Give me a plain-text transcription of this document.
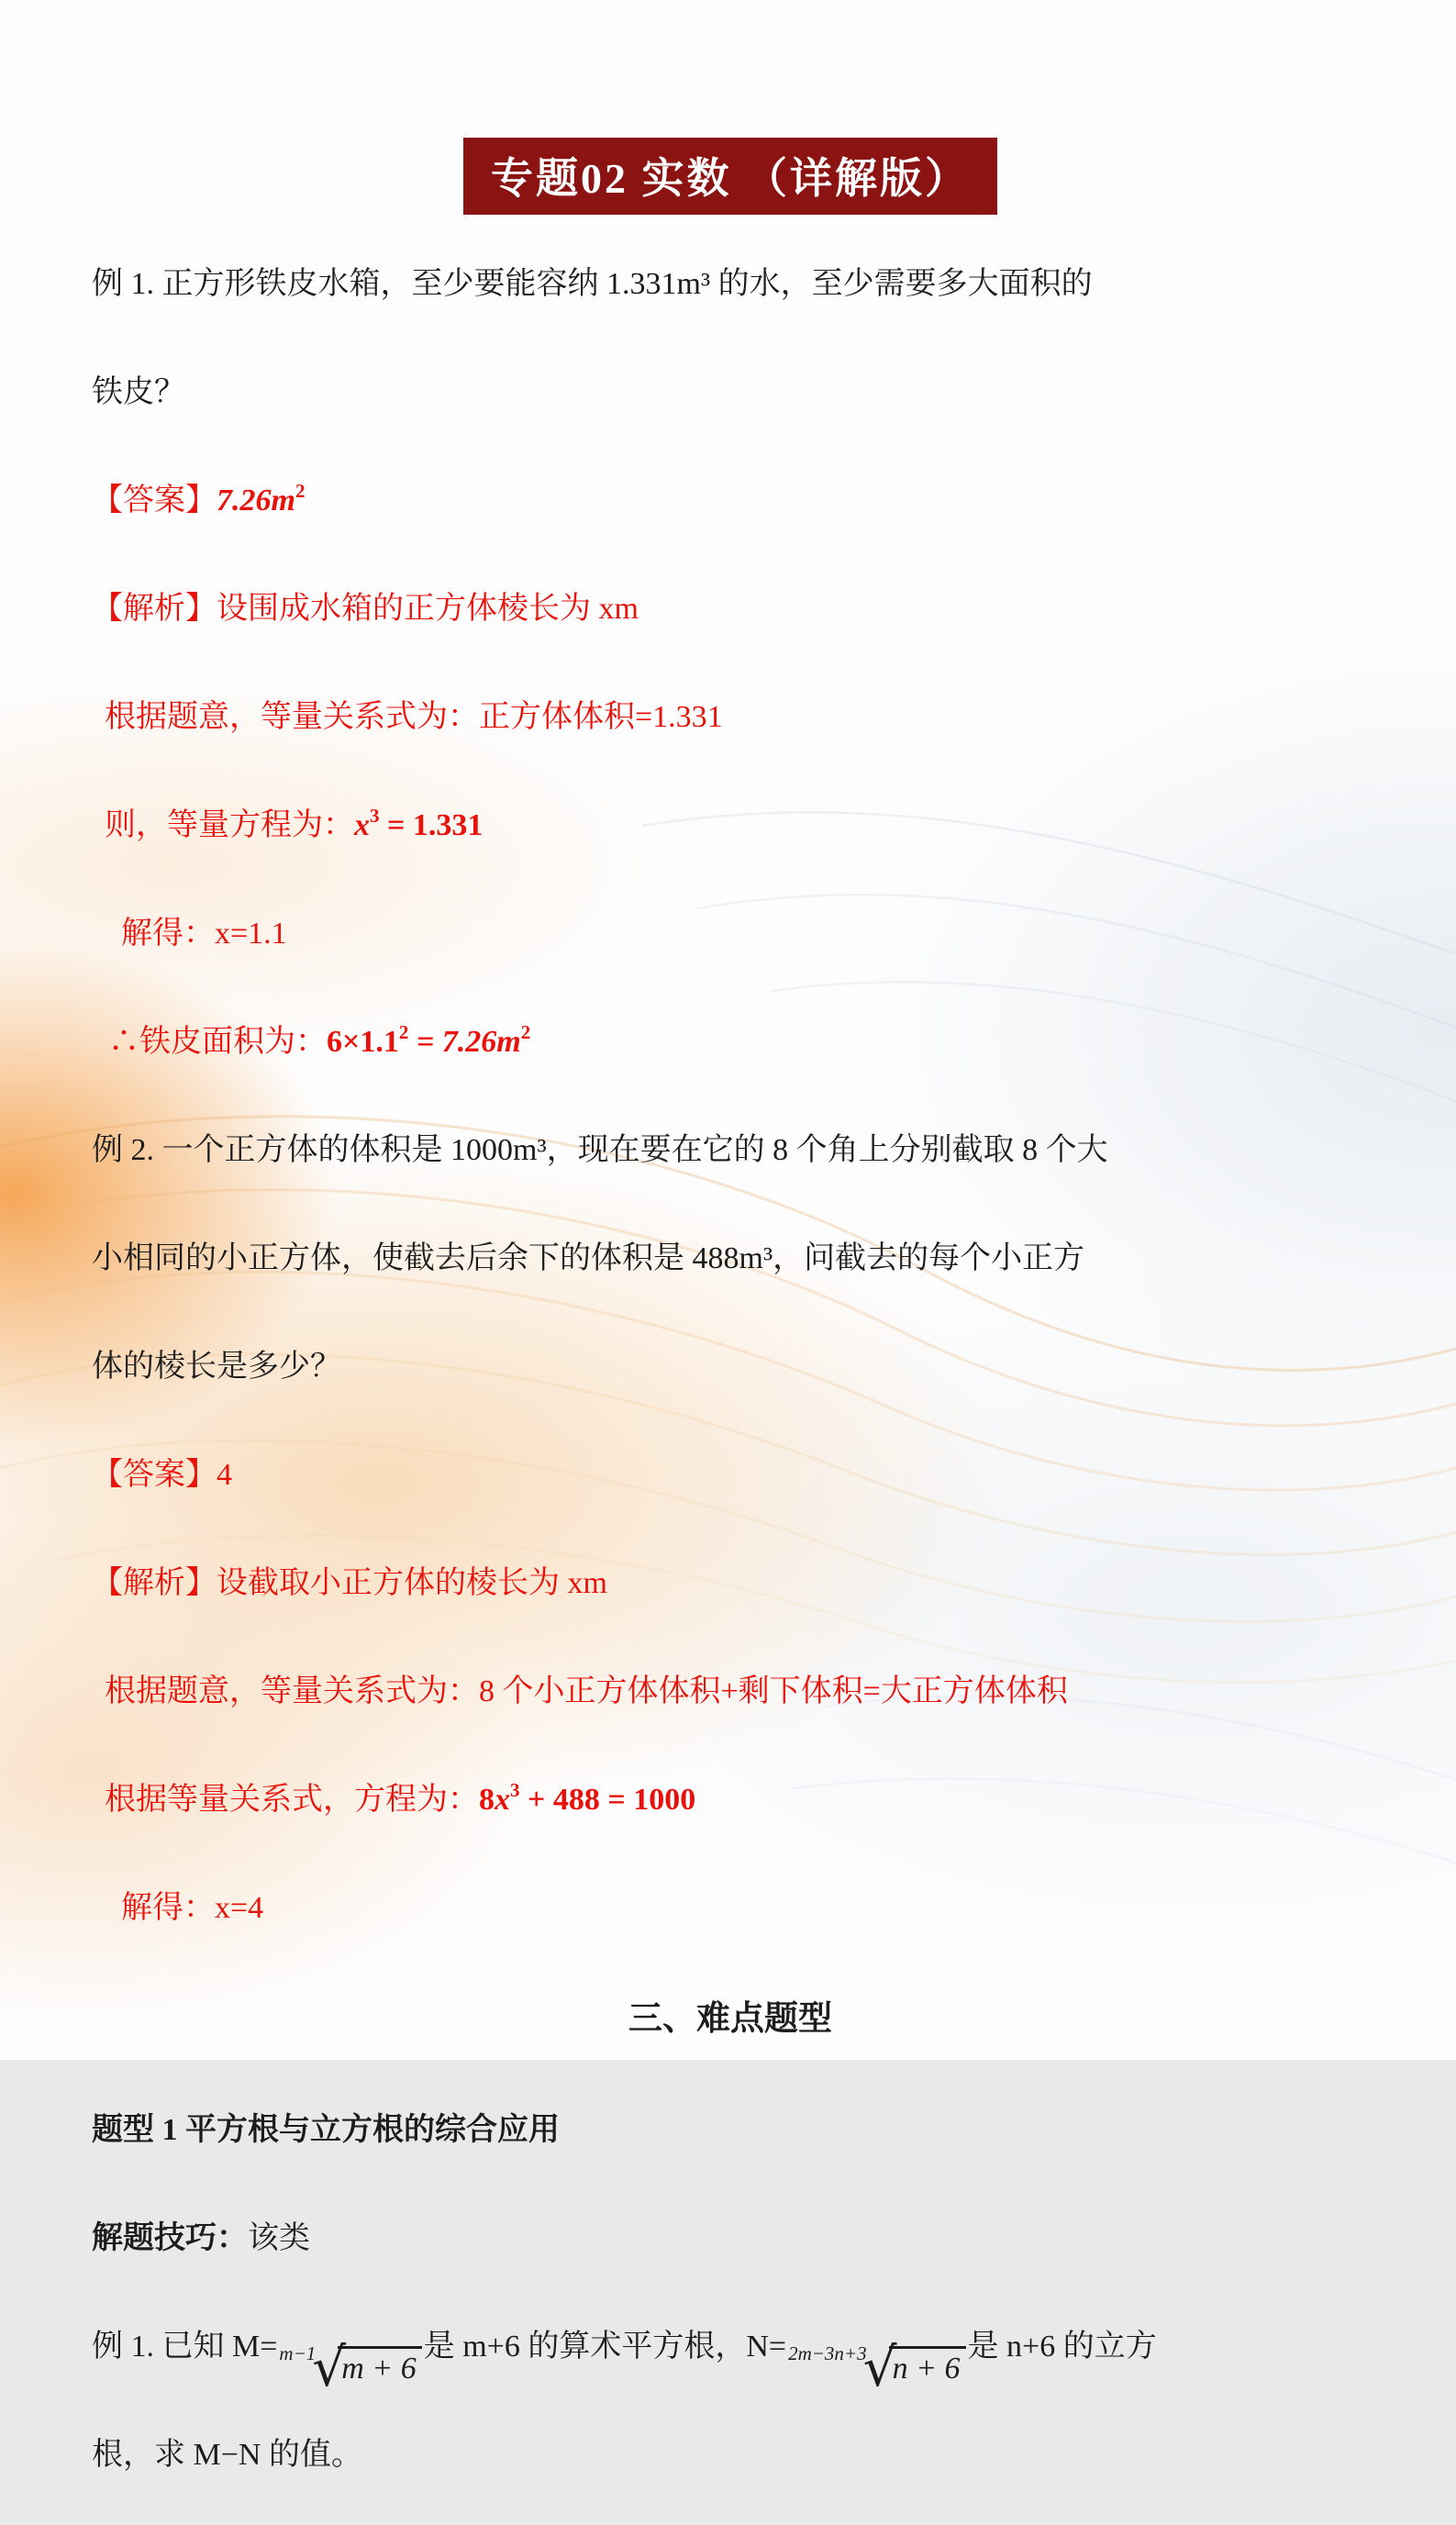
专题02 实数 （详解版）

例 1. 正方形铁皮水箱，至少要能容纳 1.331m³ 的水，至少需要多大面积的

铁皮？

【答案】$7.26m^2$

【解析】设围成水箱的正方体棱长为 xm

根据题意，等量关系式为：正方体体积=1.331

则，等量方程为：$x^3 = 1.331$

解得：x=1.1

∴铁皮面积为：$6\times 1.1^2 = 7.26m^2$

例 2. 一个正方体的体积是 1000m³，现在要在它的 8 个角上分别截取 8 个大

小相同的小正方体，使截去后余下的体积是 488m³，问截去的每个小正方

体的棱长是多少？

【答案】4

【解析】设截取小正方体的棱长为 xm

根据题意，等量关系式为：8 个小正方体体积+剩下体积=大正方体体积

根据等量关系式，方程为：$8x^3 + 488 = 1000$

解得：x=4

三、难点题型

题型 1 平方根与立方根的综合应用

解题技巧：该类

例 1. 已知 M= m−1
√
m + 6
是 m+6 的算术平方根，N= 2m−3n+3
√
n + 6
是 n+6 的立方

根，求 M−N 的值。
